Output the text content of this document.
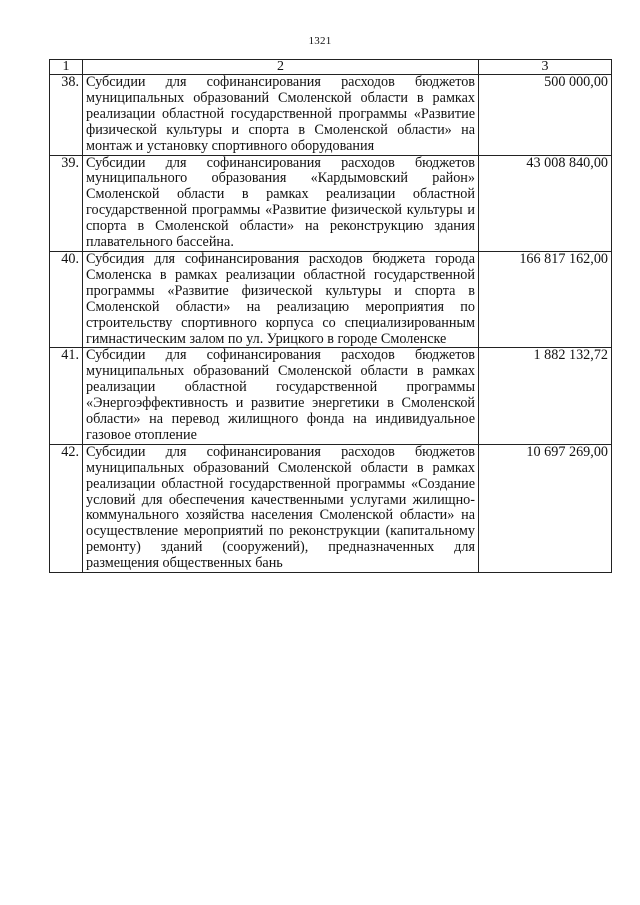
1321
1	2	3
38.	Субсидии для софинансирования расходов бюджетов муниципальных образований Смоленской области в рамках реализации областной государственной программы «Развитие физической культуры и спорта в Смоленской области» на монтаж и установку спортивного оборудования	500 000,00
39.	Субсидии для софинансирования расходов бюджетов муниципального образования «Кардымовский район» Смоленской области в рамках реализации областной государственной программы «Развитие физической культуры и спорта в Смоленской области» на реконструкцию здания плавательного бассейна.	43 008 840,00
40.	Субсидия для софинансирования расходов бюджета города Смоленска в рамках реализации областной государственной программы «Развитие физической культуры и спорта в Смоленской области» на реализацию мероприятия по строительству спортивного корпуса со специализированным гимнастическим залом по ул. Урицкого в городе Смоленске	166 817 162,00
41.	Субсидии для софинансирования расходов бюджетов муниципальных образований Смоленской области в рамках реализации областной государственной программы «Энергоэффективность и развитие энергетики в Смоленской области» на перевод жилищного фонда на индивидуальное газовое отопление	1 882 132,72
42.	Субсидии для софинансирования расходов бюджетов муниципальных образований Смоленской области в рамках реализации областной государственной программы «Создание условий для обеспечения качественными услугами жилищно-коммунального хозяйства населения Смоленской области» на осуществление мероприятий по реконструкции (капитальному ремонту) зданий (сооружений), предназначенных для размещения общественных бань	10 697 269,00
